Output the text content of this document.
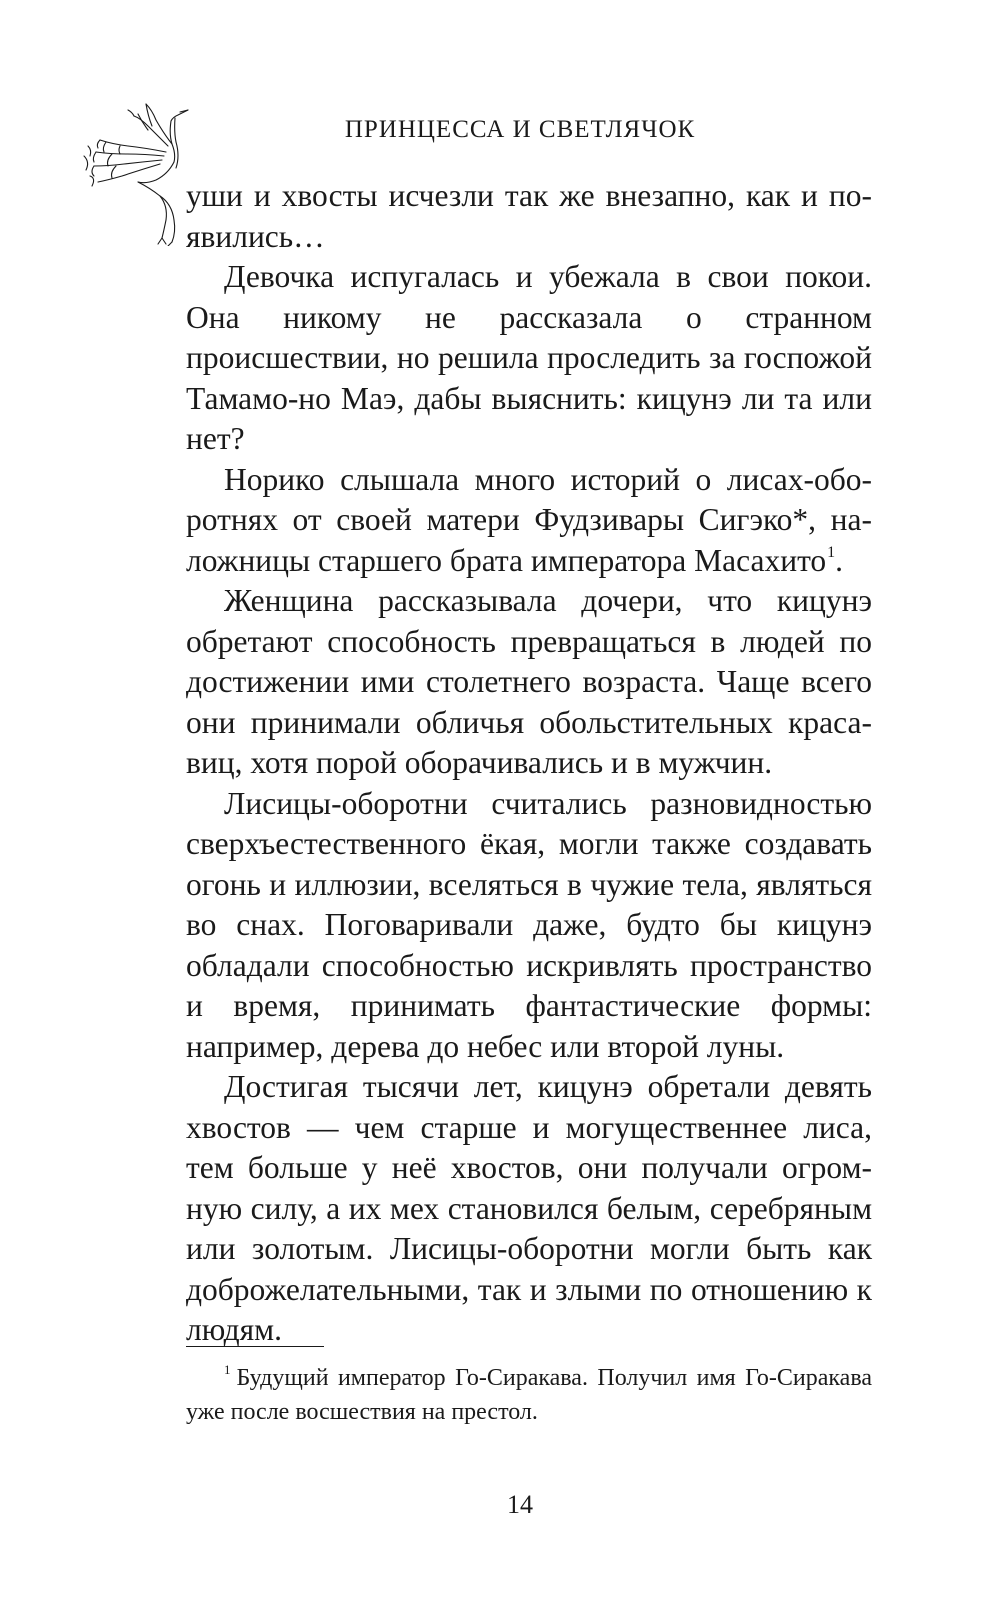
ПРИНЦЕССА И СВЕТЛЯЧОК

уши и хвосты исчезли так же внезапно, как и появились…

Девочка испугалась и убежала в свои покои. Она никому не рассказала о странном происшествии, но решила проследить за госпожой Тамамо-но Маэ, дабы выяснить: кицунэ ли та или нет?

Норико слышала много историй о лисах-оборотнях от своей матери Фудзивары Сигэко*, наложницы старшего брата императора Масахито$^1$.

Женщина рассказывала дочери, что кицунэ обретают способность превращаться в людей по достижении ими столетнего возраста. Чаще всего они принимали обличья обольстительных красавиц, хотя порой оборачивались и в мужчин.

Лисицы-оборотни считались разновидностью сверхъестественного ёкая, могли также создавать огонь и иллюзии, вселяться в чужие тела, являться во снах. Поговаривали даже, будто бы кицунэ обладали способностью искривлять пространство и время, принимать фантастические формы: например, дерева до небес или второй луны.

Достигая тысячи лет, кицунэ обретали девять хвостов — чем старше и могущественнее лиса, тем больше у неё хвостов, они получали огромную силу, а их мех становился белым, серебряным или золотым. Лисицы-оборотни могли быть как доброжелательными, так и злыми по отношению к людям.

$^1$ Будущий император Го-Сиракава. Получил имя Го-Сиракава уже после восшествия на престол.

14
